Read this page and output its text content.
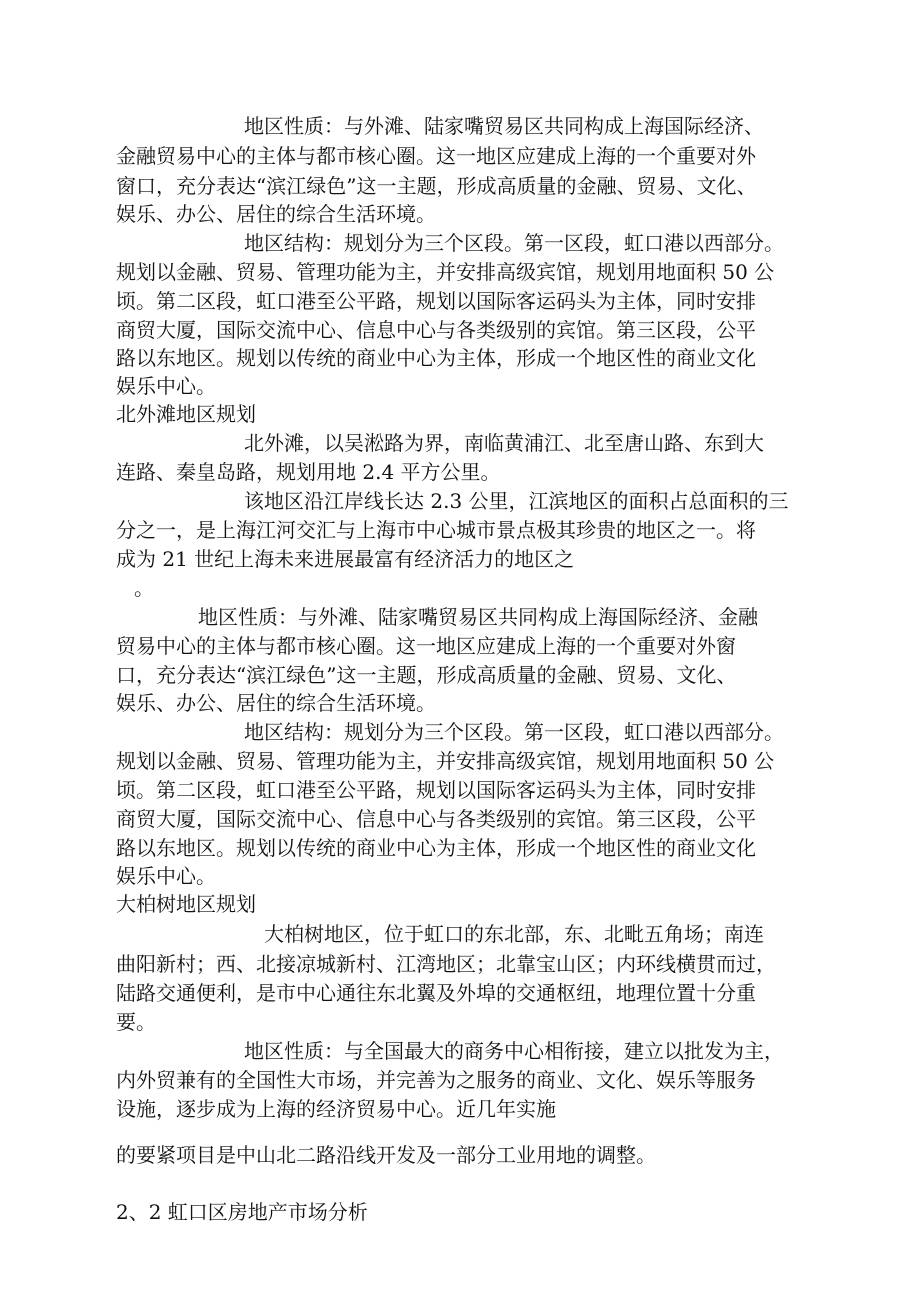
地区性质：与外滩、陆家嘴贸易区共同构成上海国际经济、
金融贸易中心的主体与都市核心圈。这一地区应建成上海的一个重要对外
窗口，充分表达“滨江绿色”这一主题，形成高质量的金融、贸易、文化、
娱乐、办公、居住的综合生活环境。
地区结构：规划分为三个区段。第一区段，虹口港以西部分。
规划以金融、贸易、管理功能为主，并安排高级宾馆，规划用地面积 50 公
顷。第二区段，虹口港至公平路，规划以国际客运码头为主体，同时安排
商贸大厦，国际交流中心、信息中心与各类级别的宾馆。第三区段，公平
路以东地区。规划以传统的商业中心为主体，形成一个地区性的商业文化
娱乐中心。
北外滩地区规划
北外滩，以吴淞路为界，南临黄浦江、北至唐山路、东到大
连路、秦皇岛路，规划用地 2.4 平方公里。
该地区沿江岸线长达 2.3 公里，江滨地区的面积占总面积的三
分之一，是上海江河交汇与上海市中心城市景点极其珍贵的地区之一。将
成为 21 世纪上海未来进展最富有经济活力的地区之
。
地区性质：与外滩、陆家嘴贸易区共同构成上海国际经济、金融
贸易中心的主体与都市核心圈。这一地区应建成上海的一个重要对外窗
口，充分表达“滨江绿色”这一主题，形成高质量的金融、贸易、文化、
娱乐、办公、居住的综合生活环境。
地区结构：规划分为三个区段。第一区段，虹口港以西部分。
规划以金融、贸易、管理功能为主，并安排高级宾馆，规划用地面积 50 公
顷。第二区段，虹口港至公平路，规划以国际客运码头为主体，同时安排
商贸大厦，国际交流中心、信息中心与各类级别的宾馆。第三区段，公平
路以东地区。规划以传统的商业中心为主体，形成一个地区性的商业文化
娱乐中心。
大柏树地区规划
大柏树地区，位于虹口的东北部，东、北毗五角场；南连
曲阳新村；西、北接凉城新村、江湾地区；北靠宝山区；内环线横贯而过，
陆路交通便利，是市中心通往东北翼及外埠的交通枢纽，地理位置十分重
要。
地区性质：与全国最大的商务中心相衔接，建立以批发为主，
内外贸兼有的全国性大市场，并完善为之服务的商业、文化、娱乐等服务
设施，逐步成为上海的经济贸易中心。近几年实施
的要紧项目是中山北二路沿线开发及一部分工业用地的调整。
2、2 虹口区房地产市场分析
